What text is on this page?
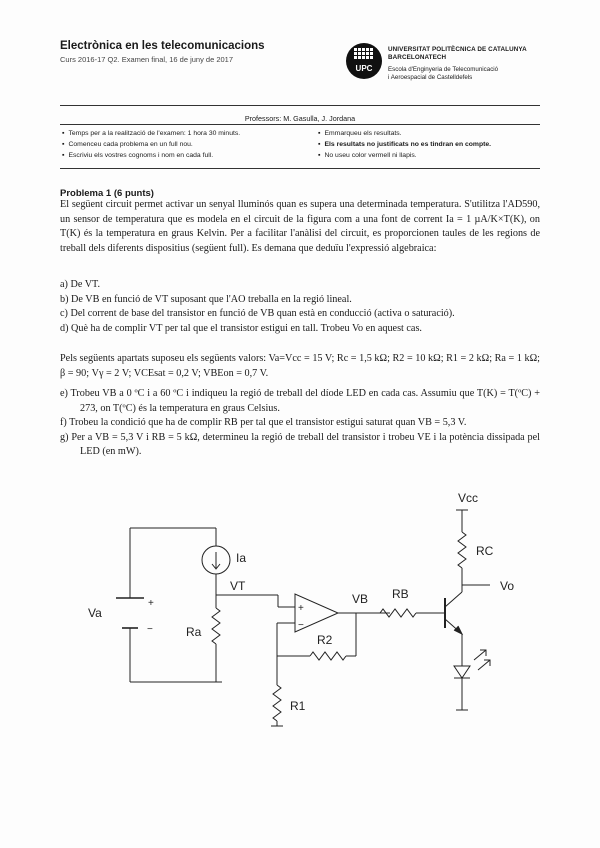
Electrònica en les telecomunicacions
Curs 2016-17 Q2. Examen final, 16 de juny de 2017
UPC
UNIVERSITAT POLITÈCNICA DE CATALUNYA
BARCELONATECH
Escola d'Enginyeria de Telecomunicació
i Aeroespacial de Castelldefels
Professors: M. Gasulla, J. Jordana
▪ Temps per a la realització de l'examen: 1 hora 30 minuts.
▪ Comenceu cada problema en un full nou.
▪ Escriviu els vostres cognoms i nom en cada full.
▪ Emmarqueu els resultats.
▪ Els resultats no justificats no es tindran en compte.
▪ No useu color vermell ni llapis.
Problema 1 (6 punts)
El següent circuit permet activar un senyal lluminós quan es supera una determinada temperatura. S'utilitza l'AD590, un sensor de temperatura que es modela en el circuit de la figura com a una font de corrent Ia = 1 µA/K×T(K), on T(K) és la temperatura en graus Kelvin. Per a facilitar l'anàlisi del circuit, es proporcionen taules de les regions de treball dels diferents dispositius (següent full). Es demana que deduïu l'expressió algebraica:
a) De VT.
b) De VB en funció de VT suposant que l'AO treballa en la regió lineal.
c) Del corrent de base del transistor en funció de VB quan està en conducció (activa o saturació).
d) Què ha de complir VT per tal que el transistor estigui en tall. Trobeu Vo en aquest cas.
Pels següents apartats suposeu els següents valors: Va=Vcc = 15 V; Rc = 1,5 kΩ; R2 = 10 kΩ; R1 = 2 kΩ; Ra = 1 kΩ; β = 90; Vγ = 2 V; VCEsat = 0,2 V; VBEon = 0,7 V.
e) Trobeu VB a 0 ºC i a 60 ºC i indiqueu la regió de treball del díode LED en cada cas. Assumiu que T(K) = T(ºC) + 273, on T(ºC) és la temperatura en graus Celsius.
f) Trobeu la condició que ha de complir RB per tal que el transistor estigui saturat quan VB = 5,3 V.
g) Per a VB = 5,3 V i RB = 5 kΩ, determineu la regió de treball del transistor i trobeu VE i la potència dissipada pel LED (en mW).
+
−
Va
Ia
VT
Ra
+
−
R2
R1
VB RB
Vcc
RC
Vo
